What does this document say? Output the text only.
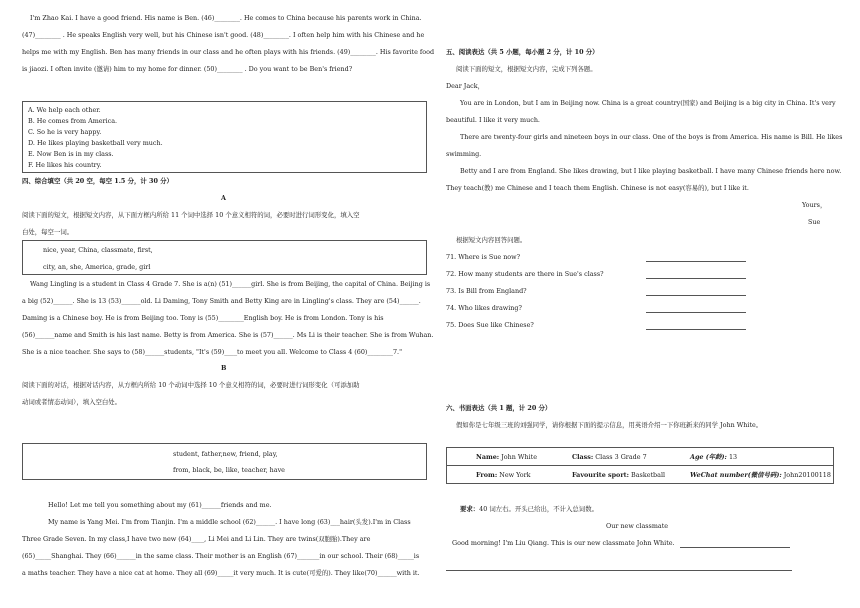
I'm Zhao Kai. I have a good friend. His name is Ben. (46)________. He comes to China because his parents work in China.
(47)________ . He speaks English very well, but his Chinese isn't good. (48)________. I often help him with his Chinese and he
helps me with my English. Ben has many friends in our class and he often plays with his friends. (49)________. His favorite food
is jiaozi. I often invite (邀请) him to my home for dinner. (50)________ . Do you want to be Ben's friend?
A. We help each other.
B. He comes from America.
C. So he is very happy.
D. He likes playing basketball very much.
E. Now Ben is in my class.
F. He likes his country.
四、综合填空（共 20 空，每空 1.5 分，计 30 分）
A
阅读下面的短文，根据短文内容，从下面方框内所给 11 个词中选择 10 个意义相符的词，必要时进行词形变化，填入空
白处，每空一词。
nice, year, China, classmate, first,
city, an, she, America, grade, girl
Wang Lingling is a student in Class 4 Grade 7. She is a(n) (51)______girl. She is from Beijing, the capital of China. Beijing is
a big (52)______. She is 13 (53)______old. Li Daming, Tony Smith and Betty King are in Lingling's class. They are (54)______.
Daming is a Chinese boy. He is from Beijing too. Tony is (55)________English boy. He is from London. Tony is his
(56)______name and Smith is his last name. Betty is from America. She is (57)______. Ms Li is their teacher. She is from Wuhan.
She is a nice teacher. She says to (58)______students, "It's (59)____to meet you all. Welcome to Class 4 (60)________7."
B
阅读下面的对话，根据对话内容，从方框内所给 10 个动词中选择 10 个意义相符的词，必要时进行词形变化（可添加助
动词或者情态动词），填入空白处。
student, father,new, friend, play,
from, black, be, like, teacher, have
Hello! Let me tell you something about my (61)______friends and me.
My name is Yang Mei. I'm from Tianjin. I'm a middle school (62)______. I have long (63)___hair(头发).I'm in Class
Three Grade Seven. In my class,I have two new (64)____, Li Mei and Li Lin. They are twins(双胞胎).They are
(65)_____Shanghai. They (66)______in the same class. Their mother is an English (67)_______in our school. Their (68)_____is
a maths teacher. They have a nice cat at home. They all (69)_____it very much. It is cute(可爱的). They like(70)______with it.
五、阅读表达（共 5 小题，每小题 2 分，计 10 分）
阅读下面的短文，根据短文内容，完成下列各题。
Dear Jack，
You are in London, but I am in Beijing now. China is a great country(国家) and Beijing is a big city in China. It's very
beautiful. I like it very much.
There are twenty-four girls and nineteen boys in our class. One of the boys is from America. His name is Bill. He likes
swimming.
Betty and I are from England. She likes drawing, but I like playing basketball. I have many Chinese friends here now.
They teach(教) me Chinese and I teach them English. Chinese is not easy(容易的), but I like it.
Yours，
Sue
根据短文内容回答问题。
71. Where is Sue now?
72. How many students are there in Sue's class?
73. Is Bill from England?
74. Who likes drawing?
75. Does Sue like Chinese?
六、书面表达（共 1 题，计 20 分）
假如你是七年级三班的刘强同学，请你根据下面的提示信息，用英语介绍一下你班新来的同学 John White。
Name: John White	Class: Class 3 Grade 7	Age (年龄): 13
From: New York	Favourite sport: Basketball	WeChat number(微信号码): John20100118
要求：40 词左右。开头已给出，不计入总词数。
Our new classmate
Good morning! I'm Liu Qiang. This is our new classmate John White.
